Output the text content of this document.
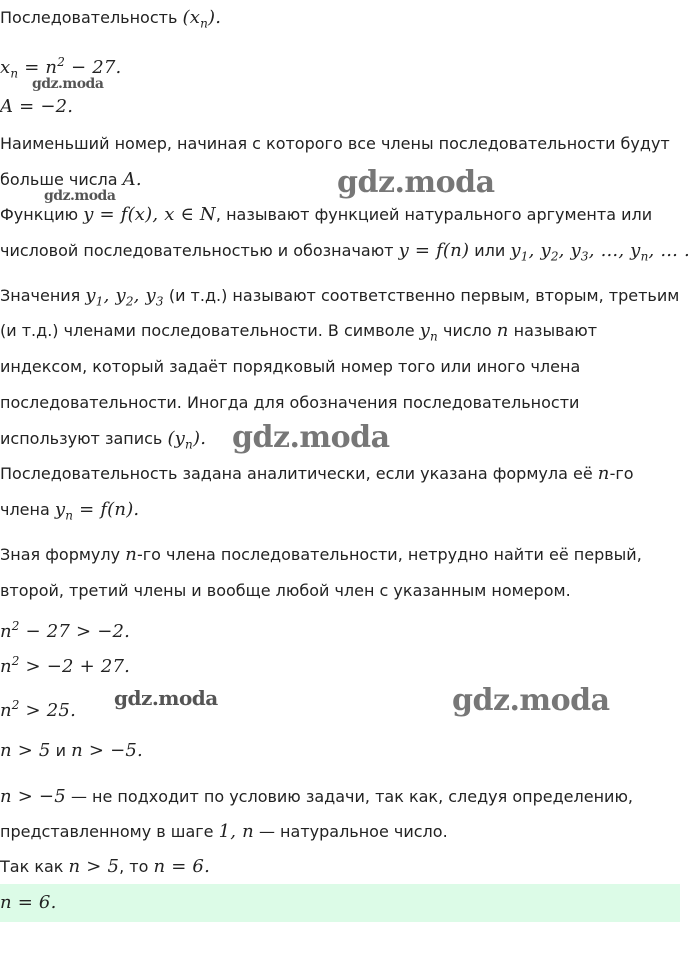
Последовательность $(x_n)$.
$x_n = n^2 - 27$.
gdz.moda
A = −2.
Наименьший номер, начиная с которого все члены последовательности будут
больше числа A.	gdz.moda
gdz.moda
Функцию y = f(x), x ∈ N, называют функцией натурального аргумента или
числовой последовательностью и обозначают y = f(n) или $y_1$, $y_2$, $y_3$, ..., $y_n$, ... .
Значения $y_1$, $y_2$, $y_3$ (и т.д.) называют соответственно первым, вторым, третьим
(и т.д.) членами последовательности. В символе $y_n$ число n называют
индексом, который задаёт порядковый номер того или иного члена
последовательности. Иногда для обозначения последовательности
используют запись $(y_n)$. gdz.moda
Последовательность задана аналитически, если указана формула её n-го
члена $y_n = f(n)$.
Зная формулу n-го члена последовательности, нетрудно найти её первый,
второй, третий члены и вообще любой член с указанным номером.
$n^2 - 27 > -2$.
$n^2 > -2 + 27$.
gdz.moda	gdz.moda
$n^2 > 25$.
n > 5 и n > −5.
n > −5 — не подходит по условию задачи, так как, следуя определению,
представленному в шаге 1, n — натуральное число.
Так как n > 5, то n = 6.
n = 6.
